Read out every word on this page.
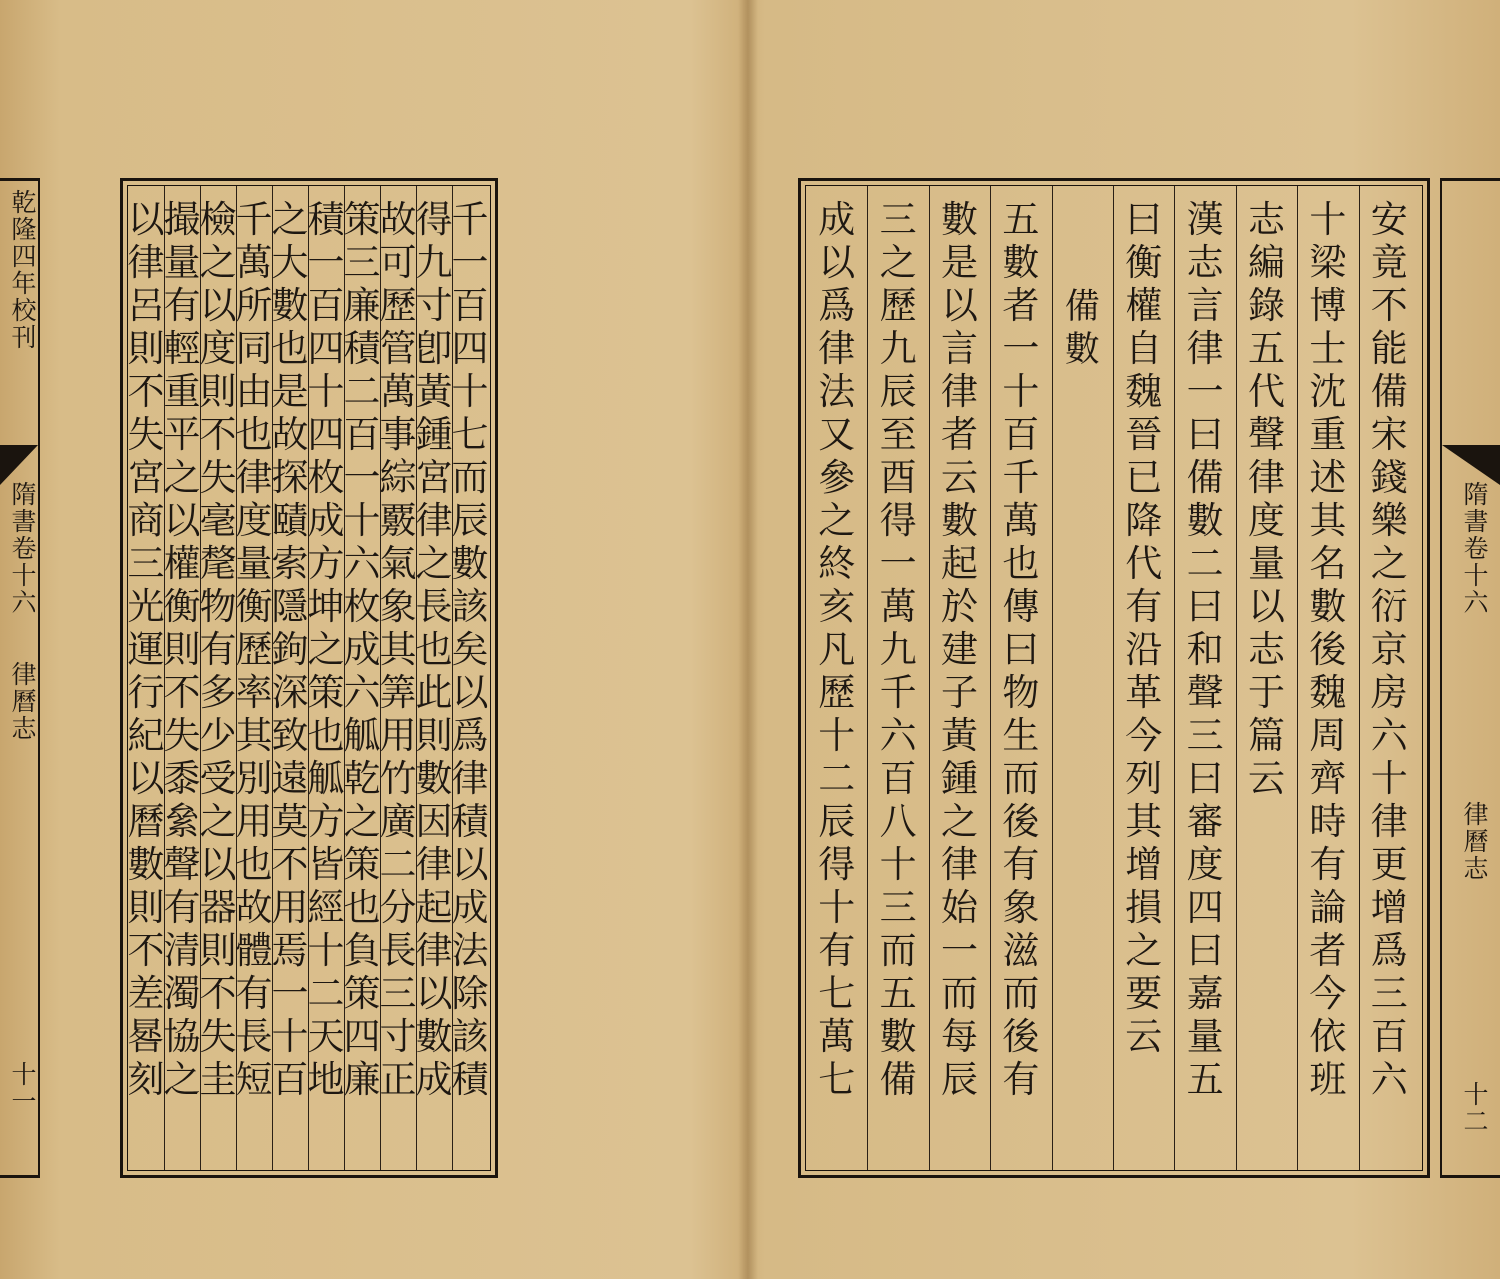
乾隆四年校刊
隋書卷十六
律曆志
十一
千
一
百
四
十
七
而
辰
數
該
矣
以
爲
律
積
以
成
法
除
該
積
得
九
寸
卽
黃
鍾
宮
律
之
長
也
此
則
數
因
律
起
律
以
數
成
故
可
歷
管
萬
事
綜
覈
氣
象
其
筭
用
竹
廣
二
分
長
三
寸
正
策
三
廉
積
二
百
一
十
六
枚
成
六
觚
乾
之
策
也
負
策
四
廉
積
一
百
四
十
四
枚
成
方
坤
之
策
也
觚
方
皆
經
十
二
天
地
之
大
數
也
是
故
探
賾
索
隱
鉤
深
致
遠
莫
不
用
焉
一
十
百
千
萬
所
同
由
也
律
度
量
衡
歷
率
其
別
用
也
故
體
有
長
短
檢
之
以
度
則
不
失
毫
氂
物
有
多
少
受
之
以
器
則
不
失
圭
撮
量
有
輕
重
平
之
以
權
衡
則
不
失
黍
絫
聲
有
清
濁
協
之
以
律
呂
則
不
失
宮
商
三
光
運
行
紀
以
曆
數
則
不
差
晷
刻
安
竟
不
能
備
宋
錢
樂
之
衍
京
房
六
十
律
更
增
爲
三
百
六
十
梁
博
士
沈
重
述
其
名
數
後
魏
周
齊
時
有
論
者
今
依
班
志
編
錄
五
代
聲
律
度
量
以
志
于
篇
云
漢
志
言
律
一
曰
備
數
二
曰
和
聲
三
曰
審
度
四
曰
嘉
量
五
曰
衡
權
自
魏
晉
已
降
代
有
沿
革
今
列
其
增
損
之
要
云
備
數
五
數
者
一
十
百
千
萬
也
傳
曰
物
生
而
後
有
象
滋
而
後
有
數
是
以
言
律
者
云
數
起
於
建
子
黃
鍾
之
律
始
一
而
每
辰
三
之
歷
九
辰
至
酉
得
一
萬
九
千
六
百
八
十
三
而
五
數
備
成
以
爲
律
法
又
參
之
終
亥
凡
歷
十
二
辰
得
十
有
七
萬
七
隋書卷十六
律曆志
十二
